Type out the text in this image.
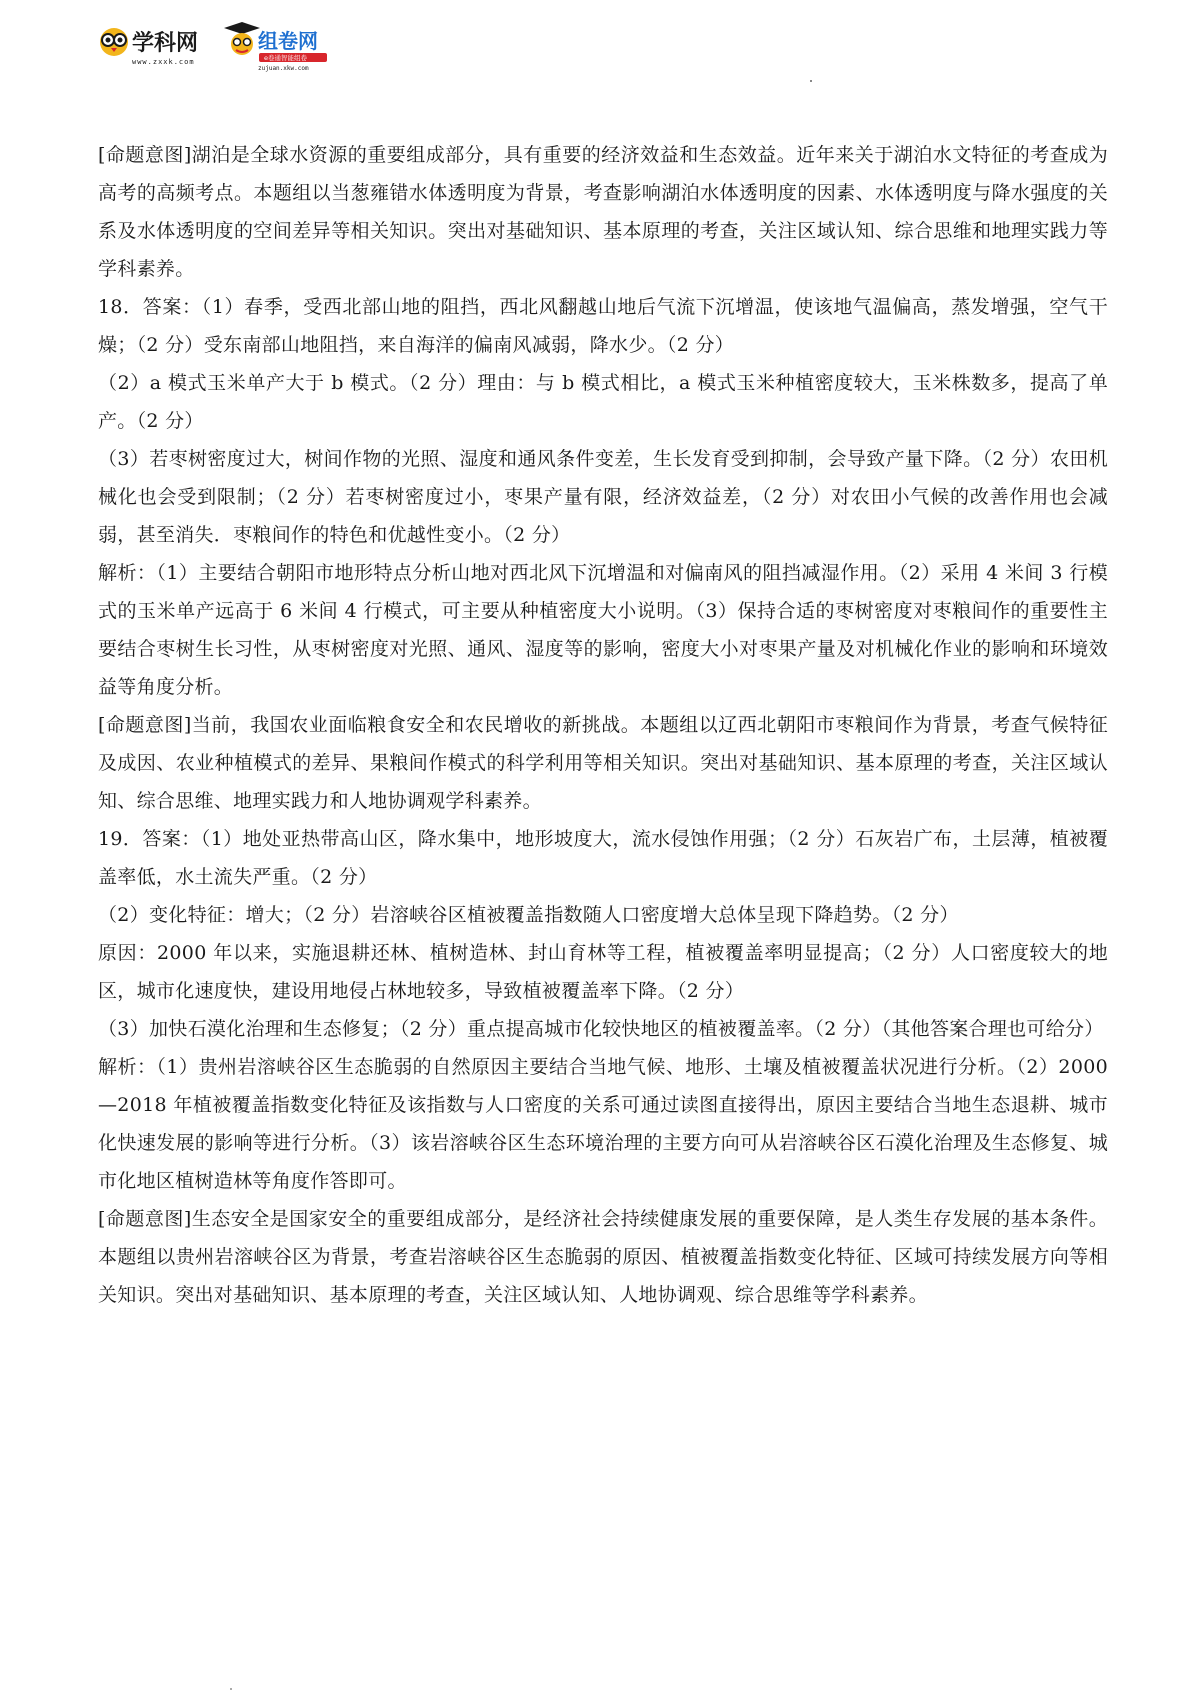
学科网
www.zxxk.com
组卷网
e卷通智能组卷
zujuan.xkw.com

[命题意图]湖泊是全球水资源的重要组成部分，具有重要的经济效益和生态效益。近年来关于湖泊水文特征的考查成为高考的高频考点。本题组以当葱雍错水体透明度为背景，考查影响湖泊水体透明度的因素、水体透明度与降水强度的关系及水体透明度的空间差异等相关知识。突出对基础知识、基本原理的考查，关注区域认知、综合思维和地理实践力等学科素养。

18．答案：（1）春季，受西北部山地的阻挡，西北风翻越山地后气流下沉增温，使该地气温偏高，蒸发增强，空气干燥；（2 分）受东南部山地阻挡，来自海洋的偏南风减弱，降水少。（2 分）

（2）a 模式玉米单产大于 b 模式。（2 分）理由：与 b 模式相比，a 模式玉米种植密度较大，玉米株数多，提高了单产。（2 分）

（3）若枣树密度过大，树间作物的光照、湿度和通风条件变差，生长发育受到抑制，会导致产量下降。（2 分）农田机械化也会受到限制；（2 分）若枣树密度过小，枣果产量有限，经济效益差，（2 分）对农田小气候的改善作用也会减弱，甚至消失．枣粮间作的特色和优越性变小。（2 分）

解析：（1）主要结合朝阳市地形特点分析山地对西北风下沉增温和对偏南风的阻挡减湿作用。（2）采用 4 米间 3 行模式的玉米单产远高于 6 米间 4 行模式，可主要从种植密度大小说明。（3）保持合适的枣树密度对枣粮间作的重要性主要结合枣树生长习性，从枣树密度对光照、通风、湿度等的影响，密度大小对枣果产量及对机械化作业的影响和环境效益等角度分析。

[命题意图]当前，我国农业面临粮食安全和农民增收的新挑战。本题组以辽西北朝阳市枣粮间作为背景，考查气候特征及成因、农业种植模式的差异、果粮间作模式的科学利用等相关知识。突出对基础知识、基本原理的考查，关注区域认知、综合思维、地理实践力和人地协调观学科素养。

19．答案：（1）地处亚热带高山区，降水集中，地形坡度大，流水侵蚀作用强；（2 分）石灰岩广布，土层薄，植被覆盖率低，水土流失严重。（2 分）

（2）变化特征：增大；（2 分）岩溶峡谷区植被覆盖指数随人口密度增大总体呈现下降趋势。（2 分）

原因：2000 年以来，实施退耕还林、植树造林、封山育林等工程，植被覆盖率明显提高；（2 分）人口密度较大的地区，城市化速度快，建设用地侵占林地较多，导致植被覆盖率下降。（2 分）

（3）加快石漠化治理和生态修复；（2 分）重点提高城市化较快地区的植被覆盖率。（2 分）（其他答案合理也可给分）

解析：（1）贵州岩溶峡谷区生态脆弱的自然原因主要结合当地气候、地形、土壤及植被覆盖状况进行分析。（2）2000—2018 年植被覆盖指数变化特征及该指数与人口密度的关系可通过读图直接得出，原因主要结合当地生态退耕、城市化快速发展的影响等进行分析。（3）该岩溶峡谷区生态环境治理的主要方向可从岩溶峡谷区石漠化治理及生态修复、城市化地区植树造林等角度作答即可。

[命题意图]生态安全是国家安全的重要组成部分，是经济社会持续健康发展的重要保障，是人类生存发展的基本条件。本题组以贵州岩溶峡谷区为背景，考查岩溶峡谷区生态脆弱的原因、植被覆盖指数变化特征、区域可持续发展方向等相关知识。突出对基础知识、基本原理的考查，关注区域认知、人地协调观、综合思维等学科素养。
